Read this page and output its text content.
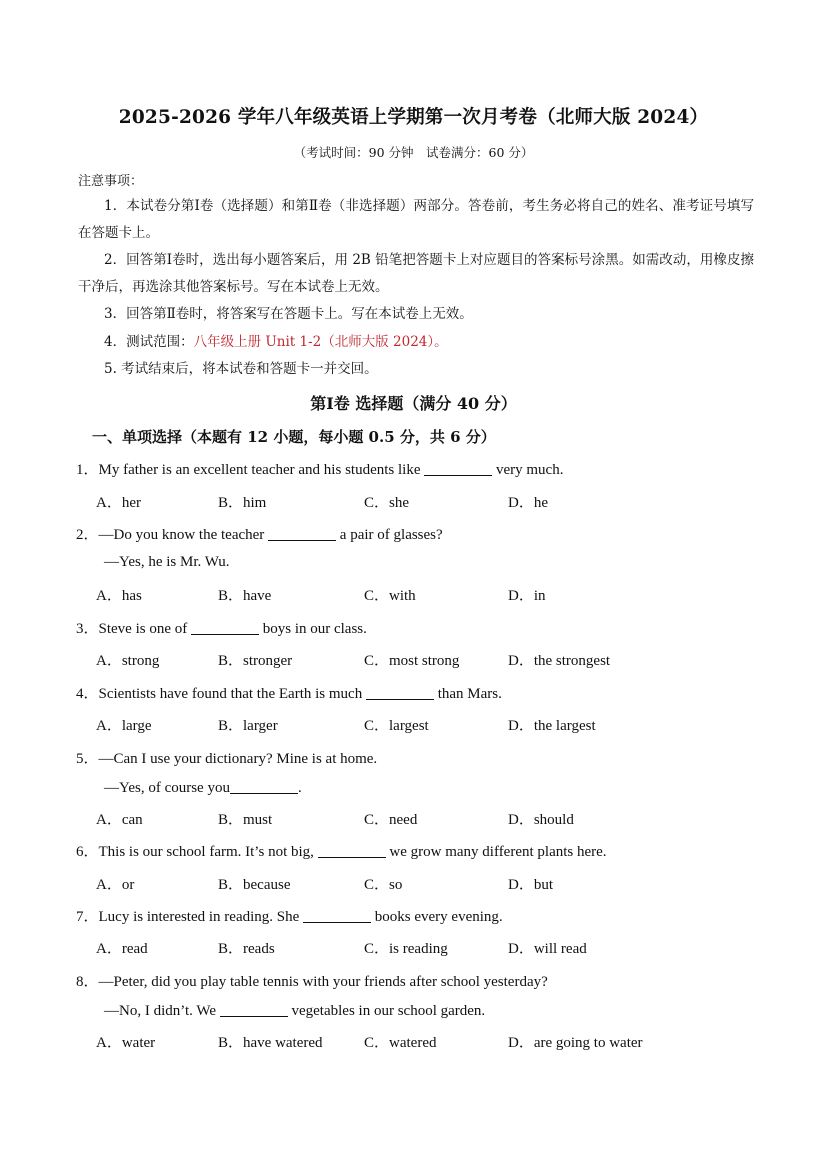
2025-2026 学年八年级英语上学期第一次月考卷（北师大版 2024）
（考试时间：90 分钟　试卷满分：60 分）
注意事项：
1．本试卷分第Ⅰ卷（选择题）和第Ⅱ卷（非选择题）两部分。答卷前，考生务必将自己的姓名、准考证号填写在答题卡上。
2．回答第Ⅰ卷时，选出每小题答案后，用 2B 铅笔把答题卡上对应题目的答案标号涂黑。如需改动，用橡皮擦干净后，再选涂其他答案标号。写在本试卷上无效。
3．回答第Ⅱ卷时，将答案写在答题卡上。写在本试卷上无效。
4．测试范围：八年级上册 Unit 1-2（北师大版 2024）。
5. 考试结束后，将本试卷和答题卡一并交回。
第Ⅰ卷 选择题（满分 40 分）
一、单项选择（本题有 12 小题，每小题 0.5 分，共 6 分）
1．My father is an excellent teacher and his students like	very much.
A．her	B．him	C．she	D．he
2．—Do you know the teacher	a pair of glasses?
—Yes, he is Mr. Wu.
A．has	B．have	C．with	D．in
3．Steve is one of	boys in our class.
A．strong	B．stronger	C．most strong	D．the strongest
4．Scientists have found that the Earth is much	than Mars.
A．large	B．larger	C．largest	D．the largest
5．—Can I use your dictionary? Mine is at home.
—Yes, of course you	.
A．can	B．must	C．need	D．should
6．This is our school farm. It’s not big,	we grow many different plants here.
A．or	B．because	C．so	D．but
7．Lucy is interested in reading. She	books every evening.
A．read	B．reads	C．is reading	D．will read
8．—Peter, did you play table tennis with your friends after school yesterday?
—No, I didn’t. We	vegetables in our school garden.
A．water	B．have watered	C．watered	D．are going to water
